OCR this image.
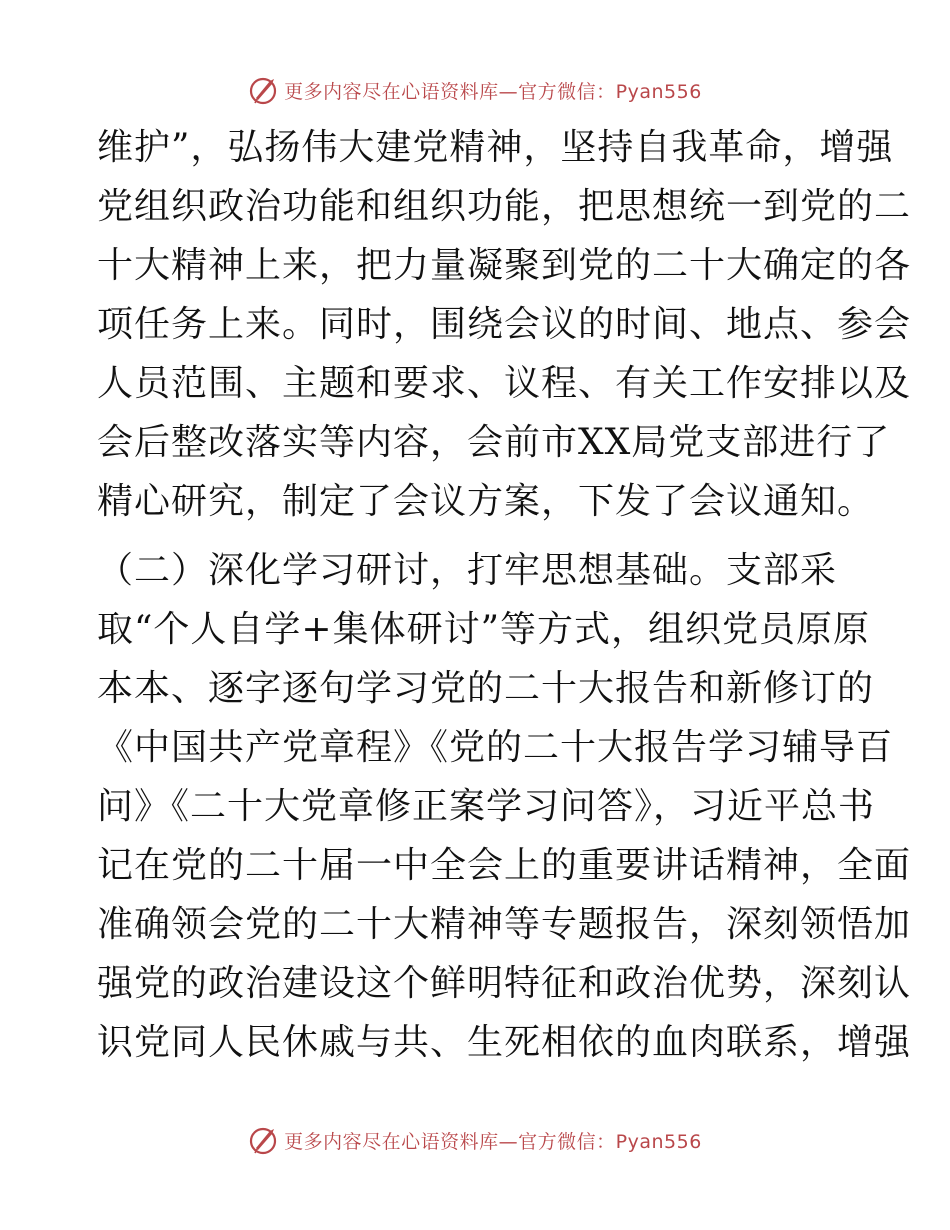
更多内容尽在心语资料库—官方微信：Pyan556
维护”，弘扬伟大建党精神，坚持自我革命，增强
党组织政治功能和组织功能，把思想统一到党的二
十大精神上来，把力量凝聚到党的二十大确定的各
项任务上来。同时，围绕会议的时间、地点、参会
人员范围、主题和要求、议程、有关工作安排以及
会后整改落实等内容，会前市XX局党支部进行了
精心研究，制定了会议方案，下发了会议通知。
（二）深化学习研讨，打牢思想基础。支部采
取“个人自学+集体研讨”等方式，组织党员原原
本本、逐字逐句学习党的二十大报告和新修订的
《中国共产党章程》《党的二十大报告学习辅导百
问》《二十大党章修正案学习问答》，习近平总书
记在党的二十届一中全会上的重要讲话精神，全面
准确领会党的二十大精神等专题报告，深刻领悟加
强党的政治建设这个鲜明特征和政治优势，深刻认
识党同人民休戚与共、生死相依的血肉联系，增强
更多内容尽在心语资料库—官方微信：Pyan556
